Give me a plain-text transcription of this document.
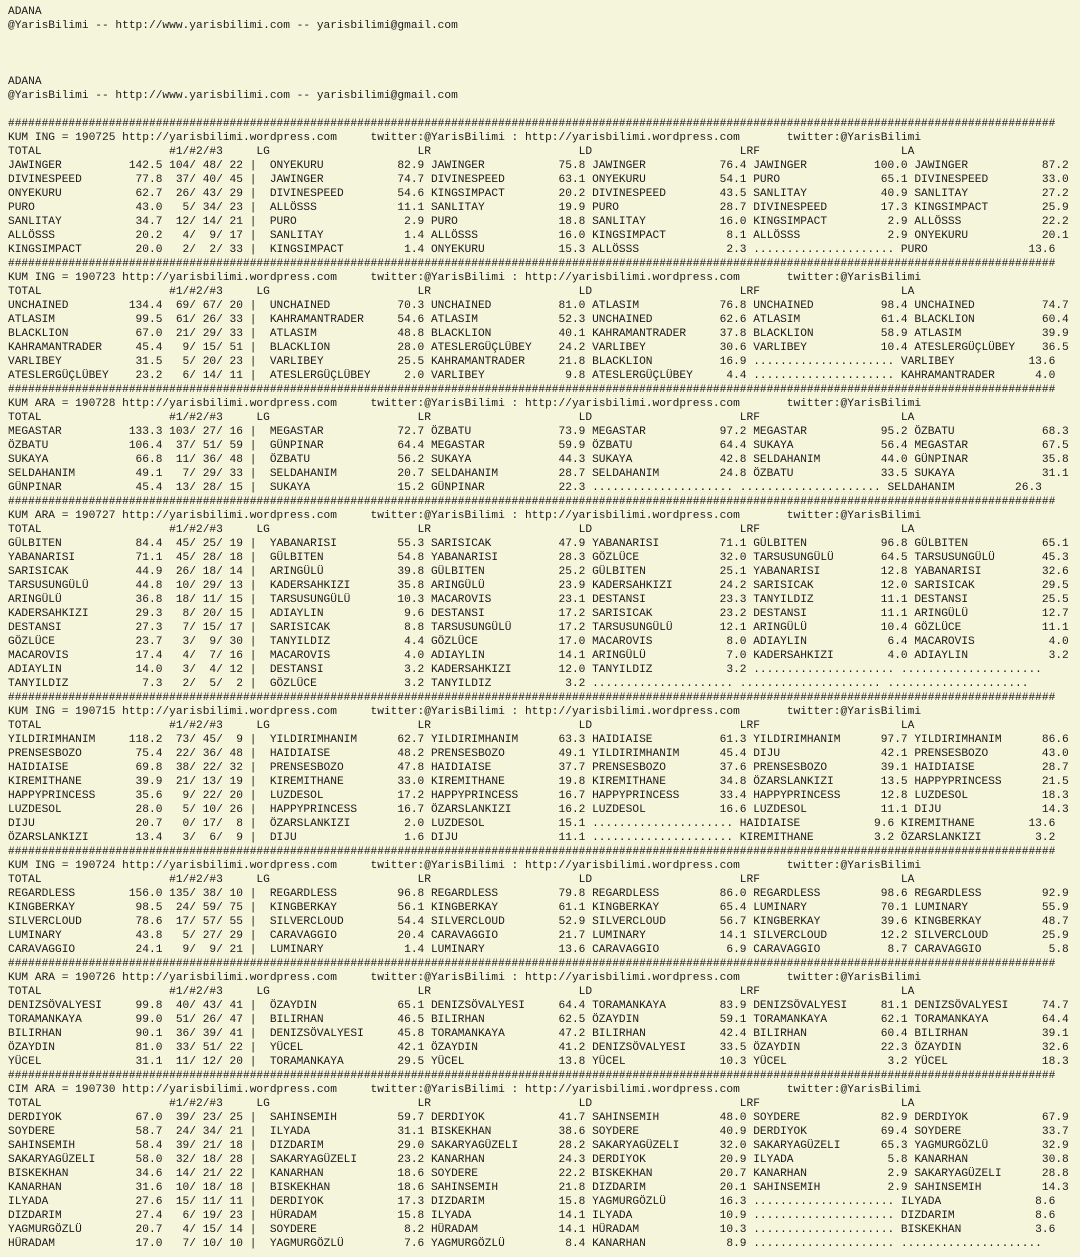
ADANA
@YarisBilimi -- http://www.yarisbilimi.com -- yarisbilimi@gmail.com
ADANA
@YarisBilimi -- http://www.yarisbilimi.com -- yarisbilimi@gmail.com
############################################################################################################################################################
KUM ING = 190725 http://yarisbilimi.wordpress.com     twitter:@YarisBilimi : http://yarisbilimi.wordpress.com       twitter:@YarisBilimi
TOTAL                   #1/#2/#3     LG                      LR                      LD                      LRF                     LA
JAWINGER          142.5 104/ 48/ 22 |  ONYEKURU           82.9 JAWINGER           75.8 JAWINGER           76.4 JAWINGER          100.0 JAWINGER           87.2
DIVINESPEED        77.8  37/ 40/ 45 |  JAWINGER           74.7 DIVINESPEED        63.1 ONYEKURU           54.1 PURO               65.1 DIVINESPEED        33.0
ONYEKURU           62.7  26/ 43/ 29 |  DIVINESPEED        54.6 KINGSIMPACT        20.2 DIVINESPEED        43.5 SANLITAY           40.9 SANLITAY           27.2
PURO               43.0   5/ 34/ 23 |  ALLÖSSS            11.1 SANLITAY           19.9 PURO               28.7 DIVINESPEED        17.3 KINGSIMPACT        25.9
SANLITAY           34.7  12/ 14/ 21 |  PURO                2.9 PURO               18.8 SANLITAY           16.0 KINGSIMPACT         2.9 ALLÖSSS            22.2
ALLÖSSS            20.2   4/  9/ 17 |  SANLITAY            1.4 ALLÖSSS            16.0 KINGSIMPACT         8.1 ALLÖSSS             2.9 ONYEKURU           20.1
KINGSIMPACT        20.0   2/  2/ 33 |  KINGSIMPACT         1.4 ONYEKURU           15.3 ALLÖSSS             2.3 ..................... PURO               13.6
############################################################################################################################################################
KUM ING = 190723 http://yarisbilimi.wordpress.com     twitter:@YarisBilimi : http://yarisbilimi.wordpress.com       twitter:@YarisBilimi
TOTAL                   #1/#2/#3     LG                      LR                      LD                      LRF                     LA
UNCHAINED         134.4  69/ 67/ 20 |  UNCHAINED          70.3 UNCHAINED          81.0 ATLASIM            76.8 UNCHAINED          98.4 UNCHAINED          74.7
ATLASIM            99.5  61/ 26/ 33 |  KAHRAMANTRADER     54.6 ATLASIM            52.3 UNCHAINED          62.6 ATLASIM            61.4 BLACKLION          60.4
BLACKLION          67.0  21/ 29/ 33 |  ATLASIM            48.8 BLACKLION          40.1 KAHRAMANTRADER     37.8 BLACKLION          58.9 ATLASIM            39.9
KAHRAMANTRADER     45.4   9/ 15/ 51 |  BLACKLION          28.0 ATESLERGÜÇLÜBEY    24.2 VARLIBEY           30.6 VARLIBEY           10.4 ATESLERGÜÇLÜBEY    36.5
VARLIBEY           31.5   5/ 20/ 23 |  VARLIBEY           25.5 KAHRAMANTRADER     21.8 BLACKLION          16.9 ..................... VARLIBEY           13.6
ATESLERGÜÇLÜBEY    23.2   6/ 14/ 11 |  ATESLERGÜÇLÜBEY     2.0 VARLIBEY            9.8 ATESLERGÜÇLÜBEY     4.4 ..................... KAHRAMANTRADER      4.0
############################################################################################################################################################
KUM ARA = 190728 http://yarisbilimi.wordpress.com     twitter:@YarisBilimi : http://yarisbilimi.wordpress.com       twitter:@YarisBilimi
TOTAL                   #1/#2/#3     LG                      LR                      LD                      LRF                     LA
MEGASTAR          133.3 103/ 27/ 16 |  MEGASTAR           72.7 ÖZBATU             73.9 MEGASTAR           97.2 MEGASTAR           95.2 ÖZBATU             68.3
ÖZBATU            106.4  37/ 51/ 59 |  GÜNPINAR           64.4 MEGASTAR           59.9 ÖZBATU             64.4 SUKAYA             56.4 MEGASTAR           67.5
SUKAYA             66.8  11/ 36/ 48 |  ÖZBATU             56.2 SUKAYA             44.3 SUKAYA             42.8 SELDAHANIM         44.0 GÜNPINAR           35.8
SELDAHANIM         49.1   7/ 29/ 33 |  SELDAHANIM         20.7 SELDAHANIM         28.7 SELDAHANIM         24.8 ÖZBATU             33.5 SUKAYA             31.1
GÜNPINAR           45.4  13/ 28/ 15 |  SUKAYA             15.2 GÜNPINAR           22.3 ..................... ..................... SELDAHANIM         26.3
############################################################################################################################################################
KUM ARA = 190727 http://yarisbilimi.wordpress.com     twitter:@YarisBilimi : http://yarisbilimi.wordpress.com       twitter:@YarisBilimi
TOTAL                   #1/#2/#3     LG                      LR                      LD                      LRF                     LA
GÜLBITEN           84.4  45/ 25/ 19 |  YABANARISI         55.3 SARISICAK          47.9 YABANARISI         71.1 GÜLBITEN           96.8 GÜLBITEN           65.1
YABANARISI         71.1  45/ 28/ 18 |  GÜLBITEN           54.8 YABANARISI         28.3 GÖZLÜCE            32.0 TARSUSUNGÜLÜ       64.5 TARSUSUNGÜLÜ       45.3
SARISICAK          44.9  26/ 18/ 14 |  ARINGÜLÜ           39.8 GÜLBITEN           25.2 GÜLBITEN           25.1 YABANARISI         12.8 YABANARISI         32.6
TARSUSUNGÜLÜ       44.8  10/ 29/ 13 |  KADERSAHKIZI       35.8 ARINGÜLÜ           23.9 KADERSAHKIZI       24.2 SARISICAK          12.0 SARISICAK          29.5
ARINGÜLÜ           36.8  18/ 11/ 15 |  TARSUSUNGÜLÜ       10.3 MACAROVIS          23.1 DESTANSI           23.3 TANYILDIZ          11.1 DESTANSI           25.5
KADERSAHKIZI       29.3   8/ 20/ 15 |  ADIAYLIN            9.6 DESTANSI           17.2 SARISICAK          23.2 DESTANSI           11.1 ARINGÜLÜ           12.7
DESTANSI           27.3   7/ 15/ 17 |  SARISICAK           8.8 TARSUSUNGÜLÜ       17.2 TARSUSUNGÜLÜ       12.1 ARINGÜLÜ           10.4 GÖZLÜCE            11.1
GÖZLÜCE            23.7   3/  9/ 30 |  TANYILDIZ           4.4 GÖZLÜCE            17.0 MACAROVIS           8.0 ADIAYLIN            6.4 MACAROVIS           4.0
MACAROVIS          17.4   4/  7/ 16 |  MACAROVIS           4.0 ADIAYLIN           14.1 ARINGÜLÜ            7.0 KADERSAHKIZI        4.0 ADIAYLIN            3.2
ADIAYLIN           14.0   3/  4/ 12 |  DESTANSI            3.2 KADERSAHKIZI       12.0 TANYILDIZ           3.2 ..................... .....................
TANYILDIZ           7.3   2/  5/  2 |  GÖZLÜCE             3.2 TANYILDIZ           3.2 ..................... ..................... .....................
############################################################################################################################################################
KUM ING = 190715 http://yarisbilimi.wordpress.com     twitter:@YarisBilimi : http://yarisbilimi.wordpress.com       twitter:@YarisBilimi
TOTAL                   #1/#2/#3     LG                      LR                      LD                      LRF                     LA
YILDIRIMHANIM     118.2  73/ 45/  9 |  YILDIRIMHANIM      62.7 YILDIRIMHANIM      63.3 HAIDIAISE          61.3 YILDIRIMHANIM      97.7 YILDIRIMHANIM      86.6
PRENSESBOZO        75.4  22/ 36/ 48 |  HAIDIAISE          48.2 PRENSESBOZO        49.1 YILDIRIMHANIM      45.4 DIJU               42.1 PRENSESBOZO        43.0
HAIDIAISE          69.8  38/ 22/ 32 |  PRENSESBOZO        47.8 HAIDIAISE          37.7 PRENSESBOZO        37.6 PRENSESBOZO        39.1 HAIDIAISE          28.7
KIREMITHANE        39.9  21/ 13/ 19 |  KIREMITHANE        33.0 KIREMITHANE        19.8 KIREMITHANE        34.8 ÖZARSLANKIZI       13.5 HAPPYPRINCESS      21.5
HAPPYPRINCESS      35.6   9/ 22/ 20 |  LUZDESOL           17.2 HAPPYPRINCESS      16.7 HAPPYPRINCESS      33.4 HAPPYPRINCESS      12.8 LUZDESOL           18.3
LUZDESOL           28.0   5/ 10/ 26 |  HAPPYPRINCESS      16.7 ÖZARSLANKIZI       16.2 LUZDESOL           16.6 LUZDESOL           11.1 DIJU               14.3
DIJU               20.7   0/ 17/  8 |  ÖZARSLANKIZI        2.0 LUZDESOL           15.1 ..................... HAIDIAISE           9.6 KIREMITHANE        13.6
ÖZARSLANKIZI       13.4   3/  6/  9 |  DIJU                1.6 DIJU               11.1 ..................... KIREMITHANE         3.2 ÖZARSLANKIZI        3.2
############################################################################################################################################################
KUM ING = 190724 http://yarisbilimi.wordpress.com     twitter:@YarisBilimi : http://yarisbilimi.wordpress.com       twitter:@YarisBilimi
TOTAL                   #1/#2/#3     LG                      LR                      LD                      LRF                     LA
REGARDLESS        156.0 135/ 38/ 10 |  REGARDLESS         96.8 REGARDLESS         79.8 REGARDLESS         86.0 REGARDLESS         98.6 REGARDLESS         92.9
KINGBERKAY         98.5  24/ 59/ 75 |  KINGBERKAY         56.1 KINGBERKAY         61.1 KINGBERKAY         65.4 LUMINARY           70.1 LUMINARY           55.9
SILVERCLOUD        78.6  17/ 57/ 55 |  SILVERCLOUD        54.4 SILVERCLOUD        52.9 SILVERCLOUD        56.7 KINGBERKAY         39.6 KINGBERKAY         48.7
LUMINARY           43.8   5/ 27/ 29 |  CARAVAGGIO         20.4 CARAVAGGIO         21.7 LUMINARY           14.1 SILVERCLOUD        12.2 SILVERCLOUD        25.9
CARAVAGGIO         24.1   9/  9/ 21 |  LUMINARY            1.4 LUMINARY           13.6 CARAVAGGIO          6.9 CARAVAGGIO          8.7 CARAVAGGIO          5.8
############################################################################################################################################################
KUM ARA = 190726 http://yarisbilimi.wordpress.com     twitter:@YarisBilimi : http://yarisbilimi.wordpress.com       twitter:@YarisBilimi
TOTAL                   #1/#2/#3     LG                      LR                      LD                      LRF                     LA
DENIZSÖVALYESI     99.8  40/ 43/ 41 |  ÖZAYDIN            65.1 DENIZSÖVALYESI     64.4 TORAMANKAYA        83.9 DENIZSÖVALYESI     81.1 DENIZSÖVALYESI     74.7
TORAMANKAYA        99.0  51/ 26/ 47 |  BILIRHAN           46.5 BILIRHAN           62.5 ÖZAYDIN            59.1 TORAMANKAYA        62.1 TORAMANKAYA        64.4
BILIRHAN           90.1  36/ 39/ 41 |  DENIZSÖVALYESI     45.8 TORAMANKAYA        47.2 BILIRHAN           42.4 BILIRHAN           60.4 BILIRHAN           39.1
ÖZAYDIN            81.0  33/ 51/ 22 |  YÜCEL              42.1 ÖZAYDIN            41.2 DENIZSÖVALYESI     33.5 ÖZAYDIN            22.3 ÖZAYDIN            32.6
YÜCEL              31.1  11/ 12/ 20 |  TORAMANKAYA        29.5 YÜCEL              13.8 YÜCEL              10.3 YÜCEL               3.2 YÜCEL              18.3
############################################################################################################################################################
CIM ARA = 190730 http://yarisbilimi.wordpress.com     twitter:@YarisBilimi : http://yarisbilimi.wordpress.com       twitter:@YarisBilimi
TOTAL                   #1/#2/#3     LG                      LR                      LD                      LRF                     LA
DERDIYOK           67.0  39/ 23/ 25 |  SAHINSEMIH         59.7 DERDIYOK           41.7 SAHINSEMIH         48.0 SOYDERE            82.9 DERDIYOK           67.9
SOYDERE            58.7  24/ 34/ 21 |  ILYADA             31.1 BISKEKHAN          38.6 SOYDERE            40.9 DERDIYOK           69.4 SOYDERE            33.7
SAHINSEMIH         58.4  39/ 21/ 18 |  DIZDARIM           29.0 SAKARYAGÜZELI      28.2 SAKARYAGÜZELI      32.0 SAKARYAGÜZELI      65.3 YAGMURGÖZLÜ        32.9
SAKARYAGÜZELI      58.0  32/ 18/ 28 |  SAKARYAGÜZELI      23.2 KANARHAN           24.3 DERDIYOK           20.9 ILYADA              5.8 KANARHAN           30.8
BISKEKHAN          34.6  14/ 21/ 22 |  KANARHAN           18.6 SOYDERE            22.2 BISKEKHAN          20.7 KANARHAN            2.9 SAKARYAGÜZELI      28.8
KANARHAN           31.6  10/ 18/ 18 |  BISKEKHAN          18.6 SAHINSEMIH         21.8 DIZDARIM           20.1 SAHINSEMIH          2.9 SAHINSEMIH         14.3
ILYADA             27.6  15/ 11/ 11 |  DERDIYOK           17.3 DIZDARIM           15.8 YAGMURGÖZLÜ        16.3 ..................... ILYADA              8.6
DIZDARIM           27.4   6/ 19/ 23 |  HÜRADAM            15.8 ILYADA             14.1 ILYADA             10.9 ..................... DIZDARIM            8.6
YAGMURGÖZLÜ        20.7   4/ 15/ 14 |  SOYDERE             8.2 HÜRADAM            14.1 HÜRADAM            10.3 ..................... BISKEKHAN           3.6
HÜRADAM            17.0   7/ 10/ 10 |  YAGMURGÖZLÜ         7.6 YAGMURGÖZLÜ         8.4 KANARHAN            8.9 ..................... .....................
